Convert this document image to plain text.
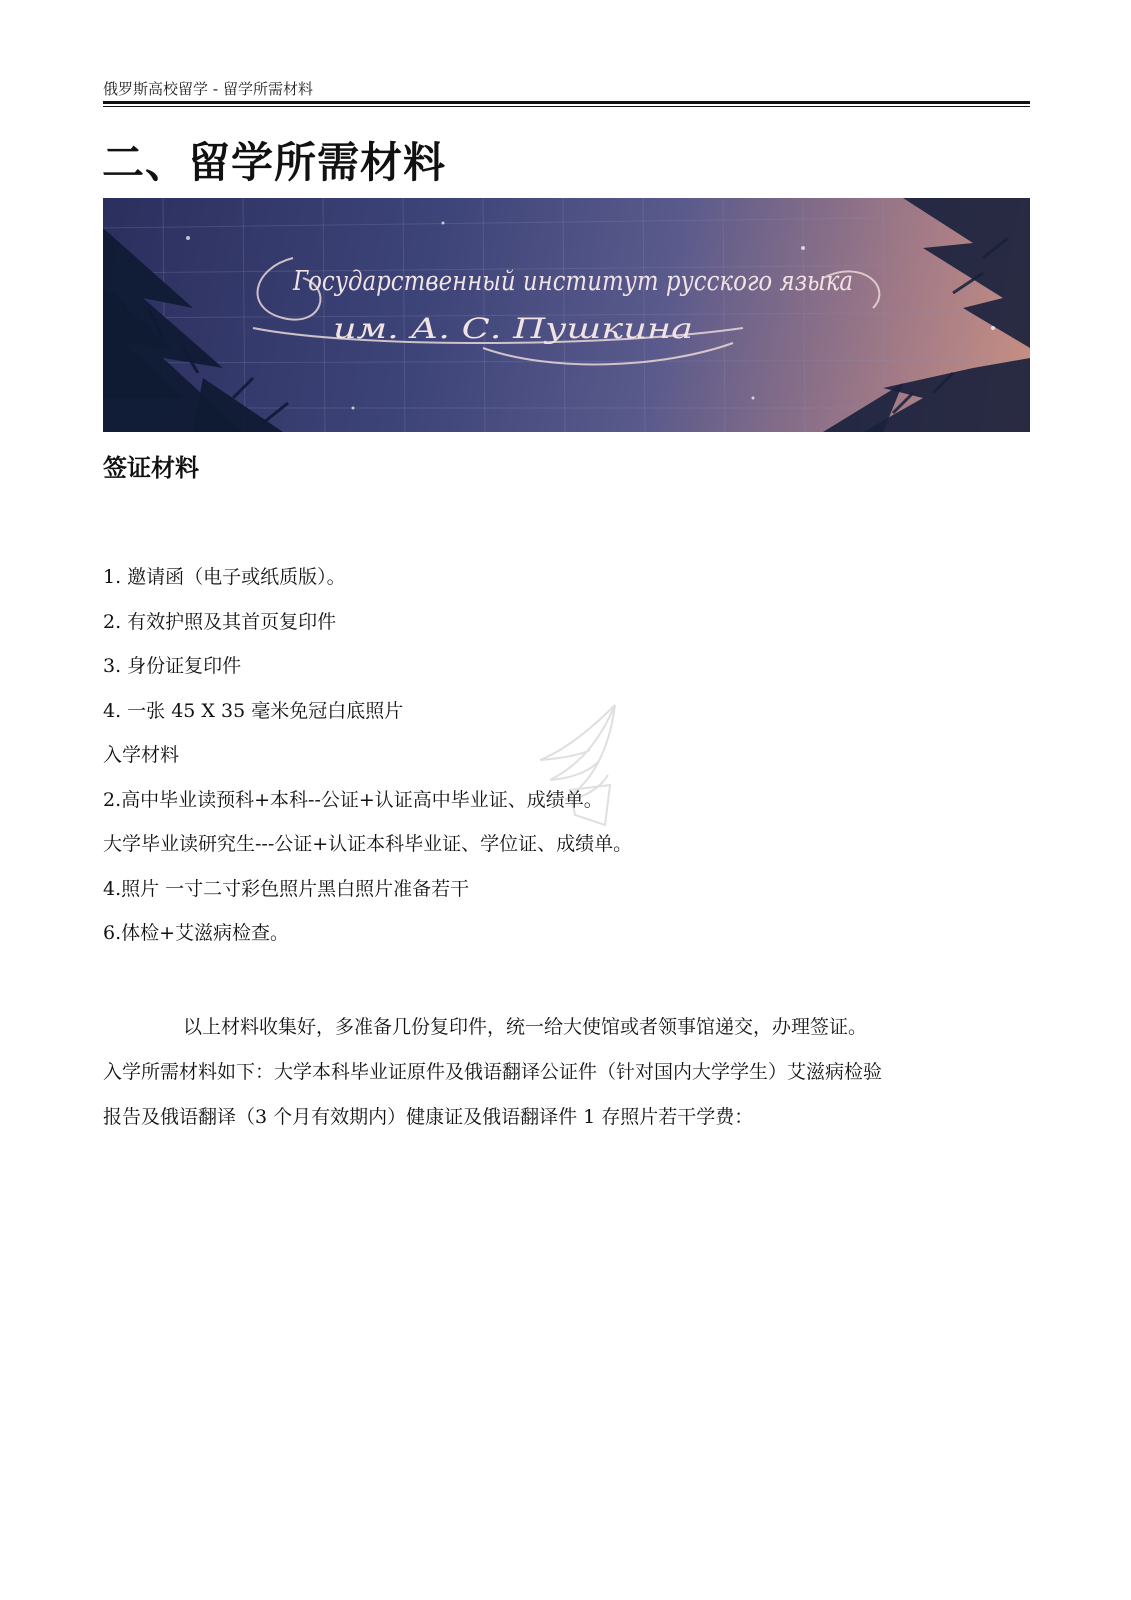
俄罗斯高校留学 - 留学所需材料
二、留学所需材料
Государственный институт русского языка
им. А. С. Пушкина
签证材料
1. 邀请函（电子或纸质版）。
2. 有效护照及其首页复印件
3. 身份证复印件
4. 一张 45 X 35 毫米免冠白底照片
入学材料
2.高中毕业读预科+本科--公证+认证高中毕业证、成绩单。
大学毕业读研究生---公证+认证本科毕业证、学位证、成绩单。
4.照片 一寸二寸彩色照片黑白照片准备若干
6.体检+艾滋病检查。
以上材料收集好，多准备几份复印件，统一给大使馆或者领事馆递交，办理签证。
入学所需材料如下：大学本科毕业证原件及俄语翻译公证件（针对国内大学学生）艾滋病检验
报告及俄语翻译（3 个月有效期内）健康证及俄语翻译件 1 存照片若干学费：
